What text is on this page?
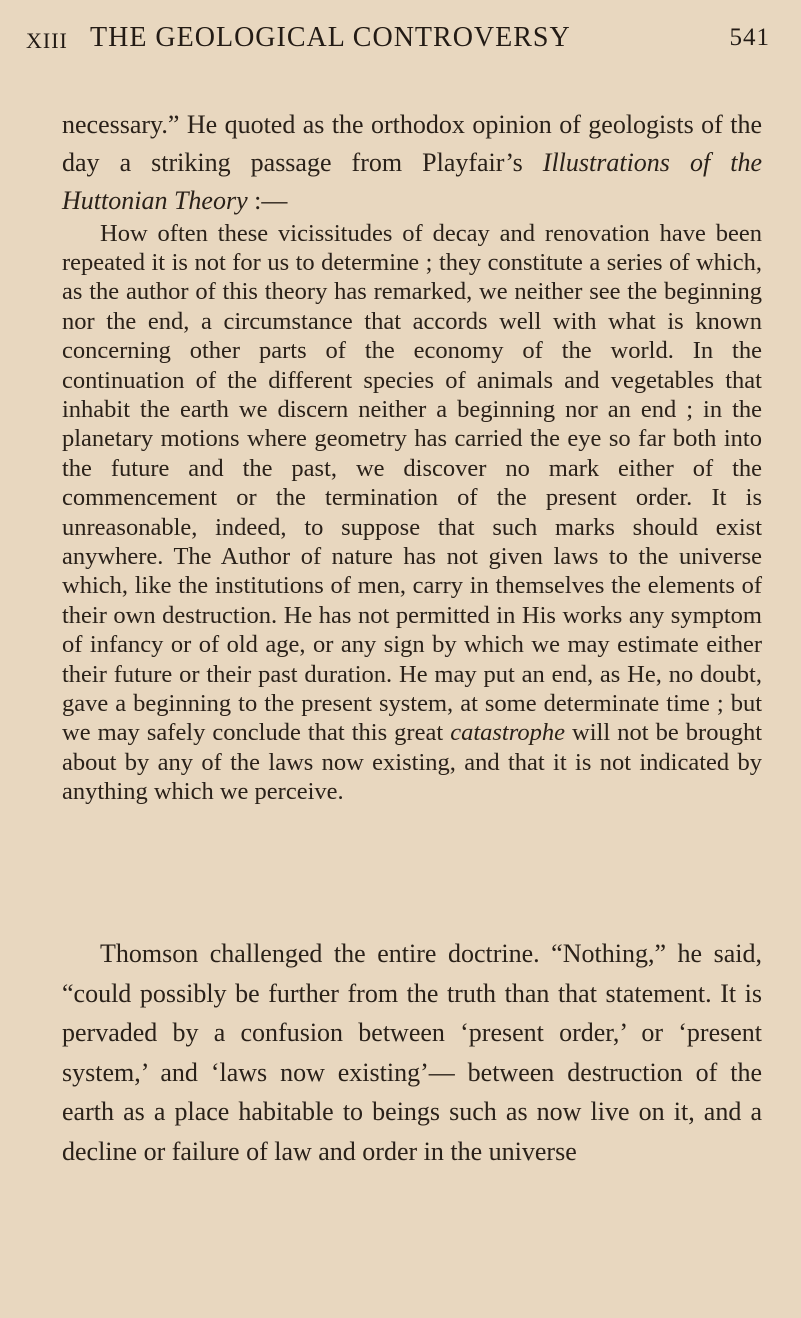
XIII THE GEOLOGICAL CONTROVERSY	541

necessary.” He quoted as the orthodox opinion of geologists of the day a striking passage from Playfair’s Illustrations of the Huttonian Theory :—

How often these vicissitudes of decay and renovation have been repeated it is not for us to determine ; they constitute a series of which, as the author of this theory has remarked, we neither see the beginning nor the end, a circumstance that accords well with what is known concerning other parts of the economy of the world. In the continuation of the different species of animals and vegetables that inhabit the earth we discern neither a beginning nor an end ; in the planetary motions where geometry has carried the eye so far both into the future and the past, we discover no mark either of the commencement or the termination of the present order. It is unreasonable, indeed, to suppose that such marks should exist anywhere. The Author of nature has not given laws to the universe which, like the institutions of men, carry in themselves the elements of their own destruction. He has not permitted in His works any symptom of infancy or of old age, or any sign by which we may estimate either their future or their past duration. He may put an end, as He, no doubt, gave a beginning to the present system, at some determinate time ; but we may safely conclude that this great catastrophe will not be brought about by any of the laws now existing, and that it is not indicated by anything which we perceive.

Thomson challenged the entire doctrine. “Nothing,” he said, “could possibly be further from the truth than that statement. It is pervaded by a confusion between ‘present order,’ or ‘present system,’ and ‘laws now existing’— between destruction of the earth as a place habitable to beings such as now live on it, and a decline or failure of law and order in the universe
